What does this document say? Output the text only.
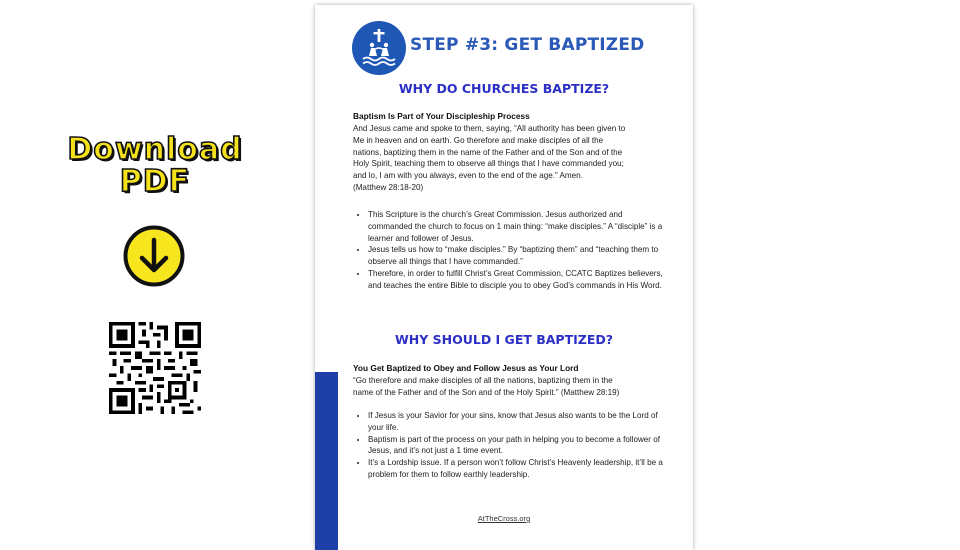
Download
PDF
STEP #3: GET BAPTIZED
WHY DO CHURCHES BAPTIZE?
Baptism Is Part of Your Discipleship Process
And Jesus came and spoke to them, saying, “All authority has been given to
Me in heaven and on earth. Go therefore and make disciples of all the
nations, baptizing them in the name of the Father and of the Son and of the
Holy Spirit, teaching them to observe all things that I have commanded you;
and lo, I am with you always, even to the end of the age.” Amen.
(Matthew 28:18-20)
• This Scripture is the church’s Great Commission. Jesus authorized and commanded the church to focus on 1 main thing: “make disciples.” A “disciple” is a learner and follower of Jesus.
• Jesus tells us how to “make disciples.” By “baptizing them” and “teaching them to observe all things that I have commanded.”
• Therefore, in order to fulfill Christ’s Great Commission, CCATC Baptizes believers, and teaches the entire Bible to disciple you to obey God’s commands in His Word.
WHY SHOULD I GET BAPTIZED?
You Get Baptized to Obey and Follow Jesus as Your Lord
“Go therefore and make disciples of all the nations, baptizing them in the
name of the Father and of the Son and of the Holy Spirit.” (Matthew 28:19)
• If Jesus is your Savior for your sins, know that Jesus also wants to be the Lord of your life.
• Baptism is part of the process on your path in helping you to become a follower of Jesus, and it’s not just a 1 time event.
• It’s a Lordship issue. If a person won’t follow Christ’s Heavenly leadership, it’ll be a problem for them to follow earthly leadership.
AtTheCross.org
